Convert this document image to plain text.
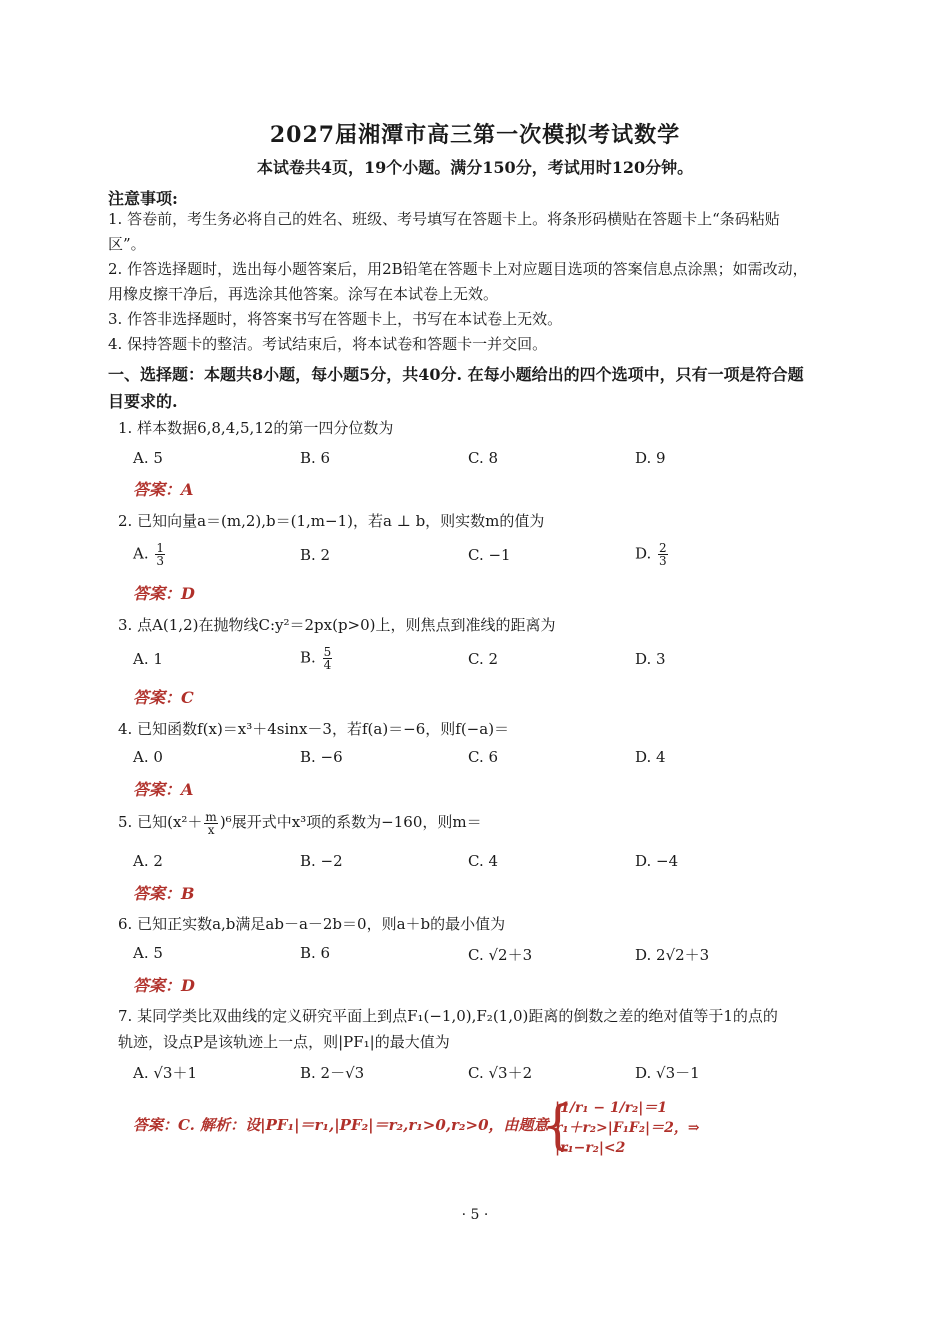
2027届湘潭市高三第一次模拟考试数学
本试卷共4页，19个小题。满分150分，考试用时120分钟。
注意事项:
1. 答卷前，考生务必将自己的姓名、班级、考号填写在答题卡上。将条形码横贴在答题卡上“条码粘贴
区”。
2. 作答选择题时，选出每小题答案后，用2B铅笔在答题卡上对应题目选项的答案信息点涂黑；如需改动，
用橡皮擦干净后，再选涂其他答案。涂写在本试卷上无效。
3. 作答非选择题时，将答案书写在答题卡上，书写在本试卷上无效。
4. 保持答题卡的整洁。考试结束后，将本试卷和答题卡一并交回。
一、选择题：本题共8小题，每小题5分，共40分. 在每小题给出的四个选项中，只有一项是符合题
目要求的.
1. 样本数据6,8,4,5,12的第一四分位数为
A. 5	B. 6	C. 8	D. 9
答案：A
2. 已知向量a＝(m,2),b＝(1,m−1)，若a ⊥ b，则实数m的值为
A. $\frac{1}{3}$	B. 2	C. −1	D. $\frac{2}{3}$
答案：D
3. 点A(1,2)在抛物线C:y²＝2px(p>0)上，则焦点到准线的距离为
A. 1	B. $\frac{5}{4}$	C. 2	D. 3
答案：C
4. 已知函数f(x)＝x³＋4sinx－3，若f(a)＝−6，则f(−a)＝
A. 0	B. −6	C. 6	D. 4
答案：A
5. 已知$(x^2+ \frac{m}{x} )^6$展开式中x³项的系数为−160，则m＝
A. 2	B. −2	C. 4	D. −4
答案：B
6. 已知正实数a,b满足ab－a－2b＝0，则a＋b的最小值为
A. 5	B. 6	C. √2＋3	D. 2√2＋3
答案：D
7. 某同学类比双曲线的定义研究平面上到点F₁(−1,0),F₂(1,0)距离的倒数之差的绝对值等于1的点的
轨迹，设点P是该轨迹上一点，则|PF₁|的最大值为
A. √3＋1	B. 2－√3	C. √3＋2	D. √3－1
答案：C. 解析：设|PF₁|＝r₁,|PF₂|＝r₂,r₁>0,r₂>0，由题意
{
|1/r₁ − 1/r₂|＝1
r₁＋r₂>|F₁F₂|＝2，⇒
|r₁−r₂|<2
· 5 ·
